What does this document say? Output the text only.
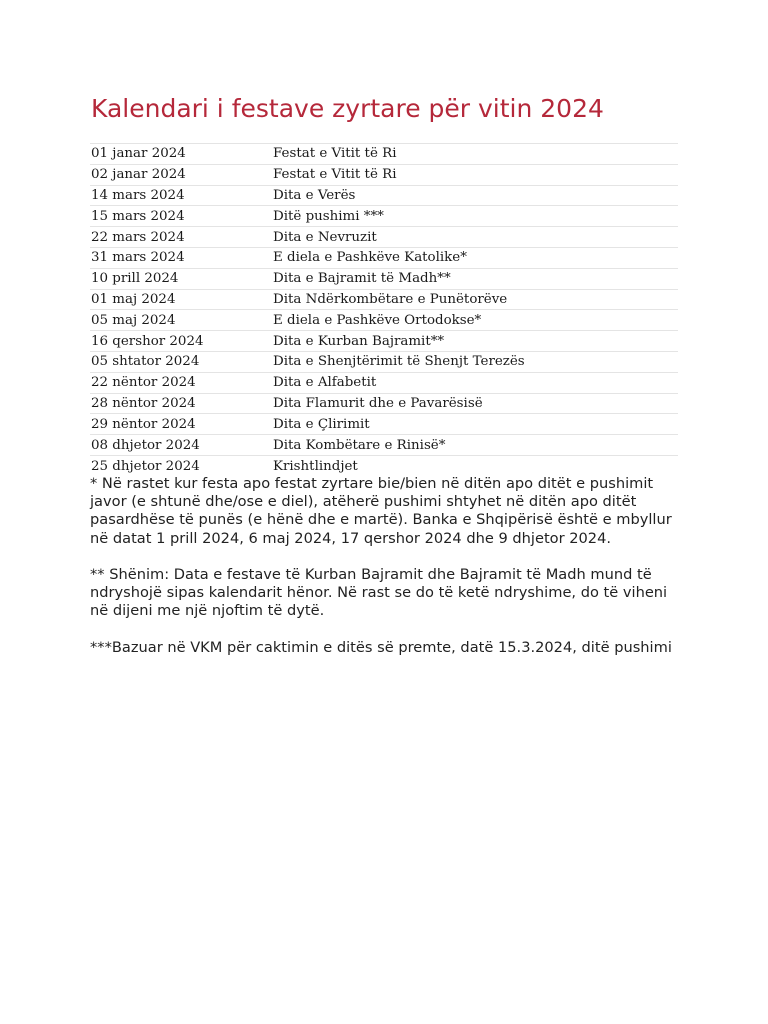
Kalendari i festave zyrtare për vitin 2024
01 janar 2024	Festat e Vitit të Ri
02 janar 2024	Festat e Vitit të Ri
14 mars 2024	Dita e Verës
15 mars 2024	Ditë pushimi ***
22 mars 2024	Dita e Nevruzit
31 mars 2024	E diela e Pashkëve Katolike*
10 prill 2024	Dita e Bajramit të Madh**
01 maj 2024	Dita Ndërkombëtare e Punëtorëve
05 maj 2024	E diela e Pashkëve Ortodokse*
16 qershor 2024	Dita e Kurban Bajramit**
05 shtator 2024	Dita e Shenjtërimit të Shenjt Terezës
22 nëntor 2024	Dita e Alfabetit
28 nëntor 2024	Dita Flamurit dhe e Pavarësisë
29 nëntor 2024	Dita e Çlirimit
08 dhjetor 2024	Dita Kombëtare e Rinisë*
25 dhjetor 2024	Krishtlindjet

* Në rastet kur festa apo festat zyrtare bie/bien në ditën apo ditët e pushimit javor (e shtunë dhe/ose e diel), atëherë pushimi shtyhet në ditën apo ditët pasardhëse të punës (e hënë dhe e martë). Banka e Shqipërisë është e mbyllur në datat 1 prill 2024, 6 maj 2024, 17 qershor 2024 dhe 9 dhjetor 2024.

** Shënim: Data e festave të Kurban Bajramit dhe Bajramit të Madh mund të ndryshojë sipas kalendarit hënor. Në rast se do të ketë ndryshime, do të viheni në dijeni me një njoftim të dytë.

***Bazuar në VKM për caktimin e ditës së premte, datë 15.3.2024, ditë pushimi
